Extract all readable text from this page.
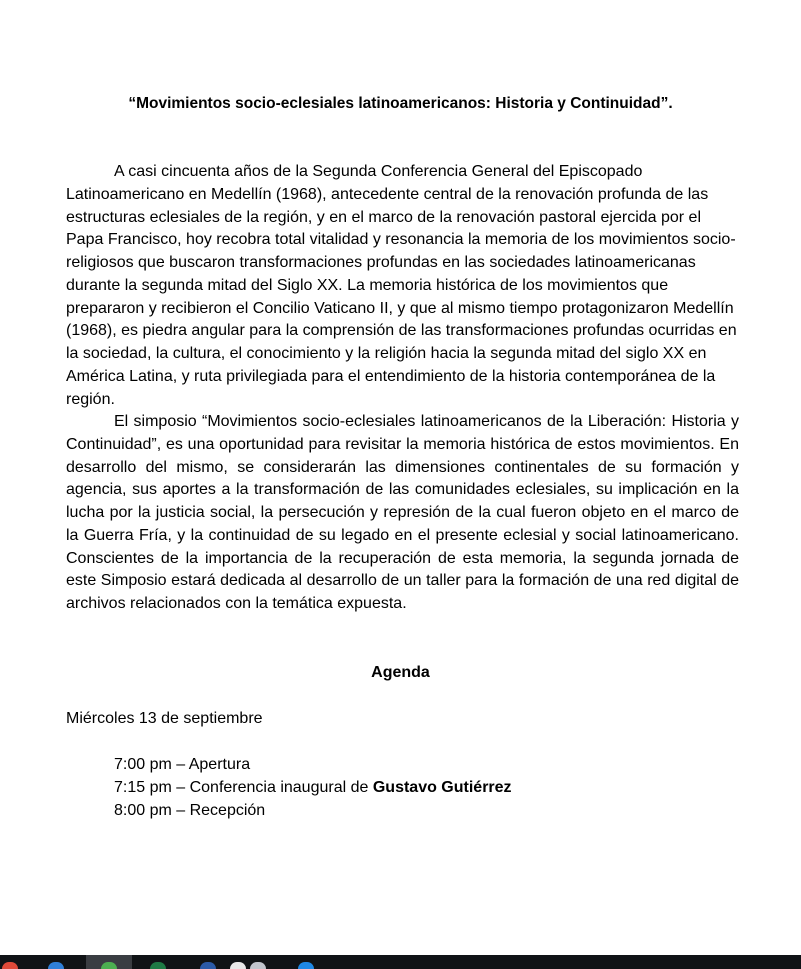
“Movimientos socio-eclesiales latinoamericanos: Historia y Continuidad”.

A casi cincuenta años de la Segunda Conferencia General del Episcopado Latinoamericano en Medellín (1968), antecedente central de la renovación profunda de las estructuras eclesiales de la región, y en el marco de la renovación pastoral ejercida por el Papa Francisco, hoy recobra total vitalidad y resonancia la memoria de los movimientos socio-religiosos que buscaron transformaciones profundas en las sociedades latinoamericanas durante la segunda mitad del Siglo XX. La memoria histórica de los movimientos que prepararon y recibieron el Concilio Vaticano II, y que al mismo tiempo protagonizaron Medellín (1968), es piedra angular para la comprensión de las transformaciones profundas ocurridas en la sociedad, la cultura, el conocimiento y la religión hacia la segunda mitad del siglo XX en América Latina, y ruta privilegiada para el entendimiento de la historia contemporánea de la región.

El simposio “Movimientos socio-eclesiales latinoamericanos de la Liberación: Historia y Continuidad”, es una oportunidad para revisitar la memoria histórica de estos movimientos. En desarrollo del mismo, se considerarán las dimensiones continentales de su formación y agencia, sus aportes a la transformación de las comunidades eclesiales, su implicación en la lucha por la justicia social, la persecución y represión de la cual fueron objeto en el marco de la Guerra Fría, y la continuidad de su legado en el presente eclesial y social latinoamericano. Conscientes de la importancia de la recuperación de esta memoria, la segunda jornada de este Simposio estará dedicada al desarrollo de un taller para la formación de una red digital de archivos relacionados con la temática expuesta.

Agenda

Miércoles 13 de septiembre

7:00 pm – Apertura
7:15 pm – Conferencia inaugural de Gustavo Gutiérrez
8:00 pm – Recepción
